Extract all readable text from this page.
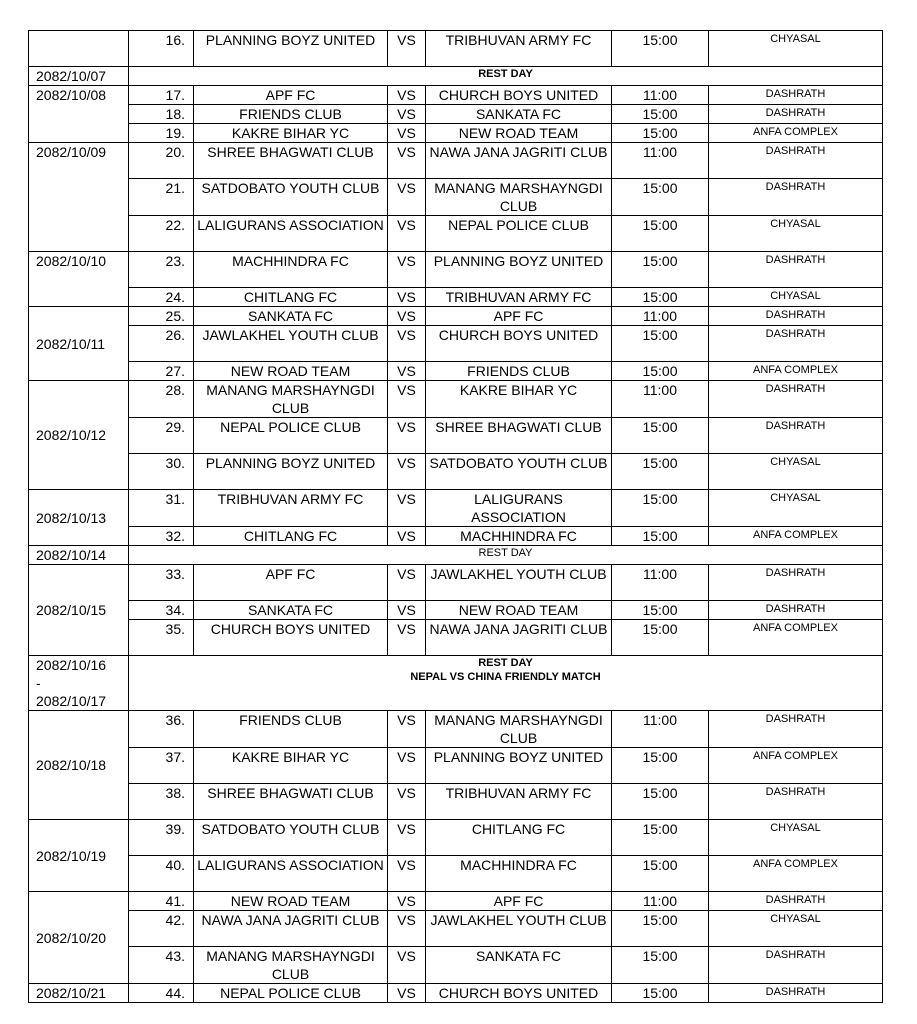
	16.	PLANNING BOYZ UNITED	VS	TRIBHUVAN ARMY FC	15:00	CHYASAL
2082/10/07	REST DAY					
2082/10/08	17.	APF FC	VS	CHURCH BOYS UNITED	11:00	DASHRATH
	18.	FRIENDS CLUB	VS	SANKATA FC	15:00	DASHRATH
	19.	KAKRE BIHAR YC	VS	NEW ROAD TEAM	15:00	ANFA COMPLEX
2082/10/09	20.	SHREE BHAGWATI CLUB	VS	NAWA JANA JAGRITI CLUB	11:00	DASHRATH
	21.	SATDOBATO YOUTH CLUB	VS	MANANG MARSHAYNGDI CLUB	15:00	DASHRATH
	22.	LALIGURANS ASSOCIATION	VS	NEPAL POLICE CLUB	15:00	CHYASAL
2082/10/10	23.	MACHHINDRA FC	VS	PLANNING BOYZ UNITED	15:00	DASHRATH
	24.	CHITLANG FC	VS	TRIBHUVAN ARMY FC	15:00	CHYASAL
2082/10/11	25.	SANKATA FC	VS	APF FC	11:00	DASHRATH
	26.	JAWLAKHEL YOUTH CLUB	VS	CHURCH BOYS UNITED	15:00	DASHRATH
	27.	NEW ROAD TEAM	VS	FRIENDS CLUB	15:00	ANFA COMPLEX
2082/10/12	28.	MANANG MARSHAYNGDI CLUB	VS	KAKRE BIHAR YC	11:00	DASHRATH
	29.	NEPAL POLICE CLUB	VS	SHREE BHAGWATI CLUB	15:00	DASHRATH
	30.	PLANNING BOYZ UNITED	VS	SATDOBATO YOUTH CLUB	15:00	CHYASAL
2082/10/13	31.	TRIBHUVAN ARMY FC	VS	LALIGURANS ASSOCIATION	15:00	CHYASAL
	32.	CHITLANG FC	VS	MACHHINDRA FC	15:00	ANFA COMPLEX
2082/10/14	REST DAY					
2082/10/15	33.	APF FC	VS	JAWLAKHEL YOUTH CLUB	11:00	DASHRATH
	34.	SANKATA FC	VS	NEW ROAD TEAM	15:00	DASHRATH
	35.	CHURCH BOYS UNITED	VS	NAWA JANA JAGRITI CLUB	15:00	ANFA COMPLEX

2082/10/16
-
2082/10/17	REST DAY
NEPAL VS CHINA FRIENDLY MATCH					

2082/10/18	36.	FRIENDS CLUB	VS	MANANG MARSHAYNGDI CLUB	11:00	DASHRATH
	37.	KAKRE BIHAR YC	VS	PLANNING BOYZ UNITED	15:00	ANFA COMPLEX
	38.	SHREE BHAGWATI CLUB	VS	TRIBHUVAN ARMY FC	15:00	DASHRATH
2082/10/19	39.	SATDOBATO YOUTH CLUB	VS	CHITLANG FC	15:00	CHYASAL
	40.	LALIGURANS ASSOCIATION	VS	MACHHINDRA FC	15:00	ANFA COMPLEX
2082/10/20	41.	NEW ROAD TEAM	VS	APF FC	11:00	DASHRATH
	42.	NAWA JANA JAGRITI CLUB	VS	JAWLAKHEL YOUTH CLUB	15:00	CHYASAL
	43.	MANANG MARSHAYNGDI CLUB	VS	SANKATA FC	15:00	DASHRATH
2082/10/21	44.	NEPAL POLICE CLUB	VS	CHURCH BOYS UNITED	15:00	DASHRATH
